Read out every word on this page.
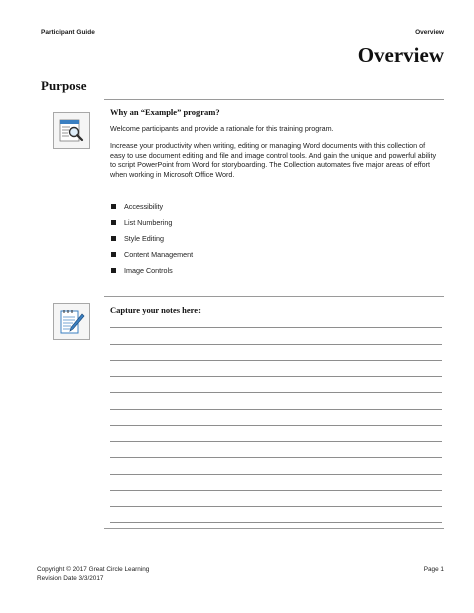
Participant Guide	Overview
Overview
Purpose
Why an “Example” program?

Welcome participants and provide a rationale for this training program.

Increase your productivity when writing, editing or managing Word documents with this collection of easy to use document editing and file and image control tools. And gain the unique and powerful ability to script PowerPoint from Word for storyboarding. The Collection automates five major areas of effort when working in Microsoft Office Word.

Accessibility
List Numbering
Style Editing
Content Management
Image Controls
Capture your notes here:
Copyright © 2017 Great Circle Learning
Revision Date 3/3/2017
Page 1
